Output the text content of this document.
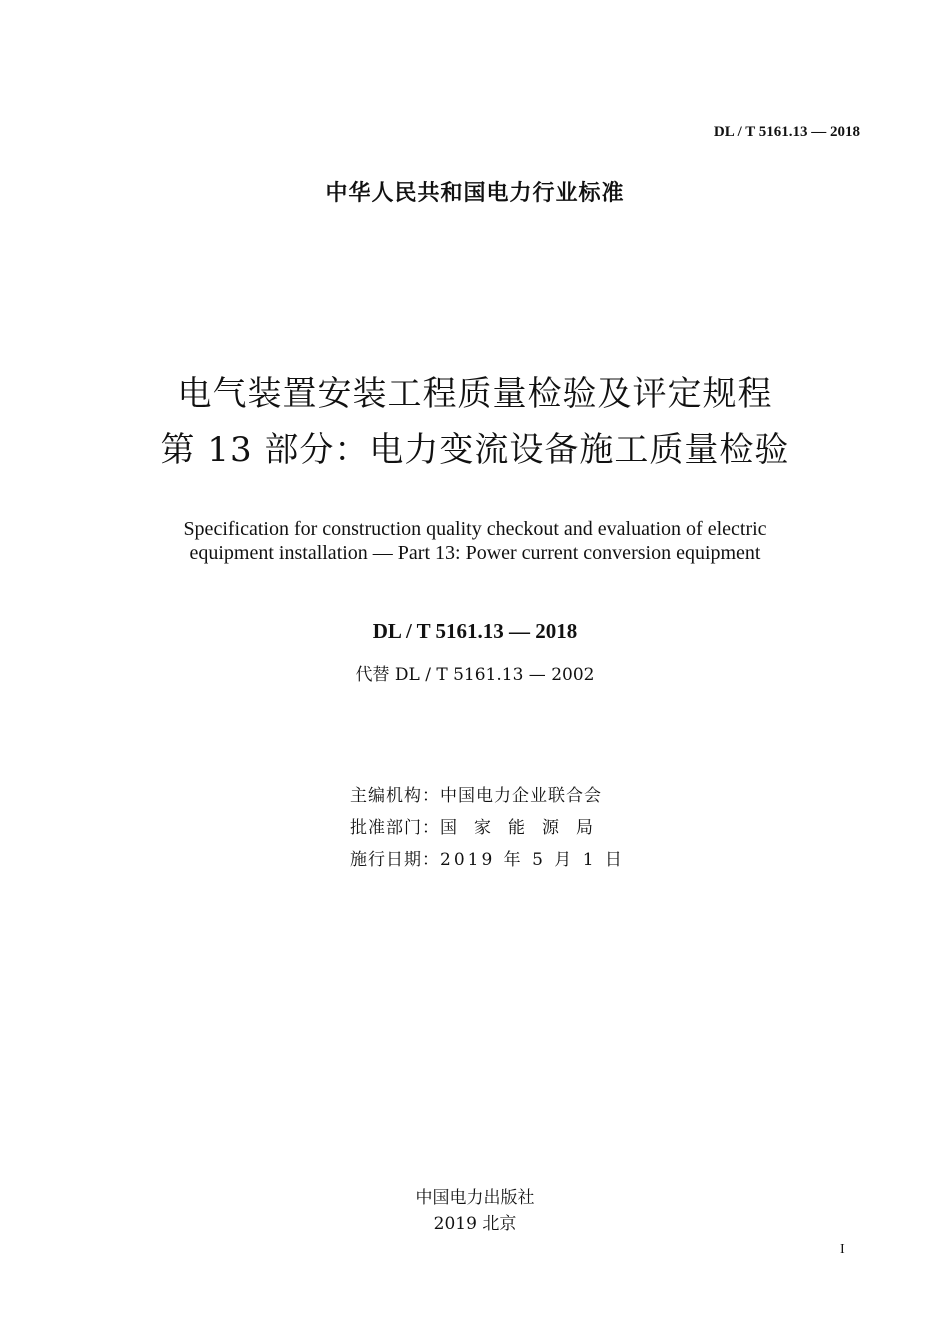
DL / T 5161.13 — 2018
中华人民共和国电力行业标准
电气装置安装工程质量检验及评定规程
第 13 部分：电力变流设备施工质量检验
Specification for construction quality checkout and evaluation of electric
equipment installation — Part 13: Power current conversion equipment
DL / T 5161.13 — 2018
代替 DL / T 5161.13 — 2002
主编机构：中国电力企业联合会
批准部门：国家能源局
施行日期：2019 年 5 月 1 日
中国电力出版社
2019 北京
I
